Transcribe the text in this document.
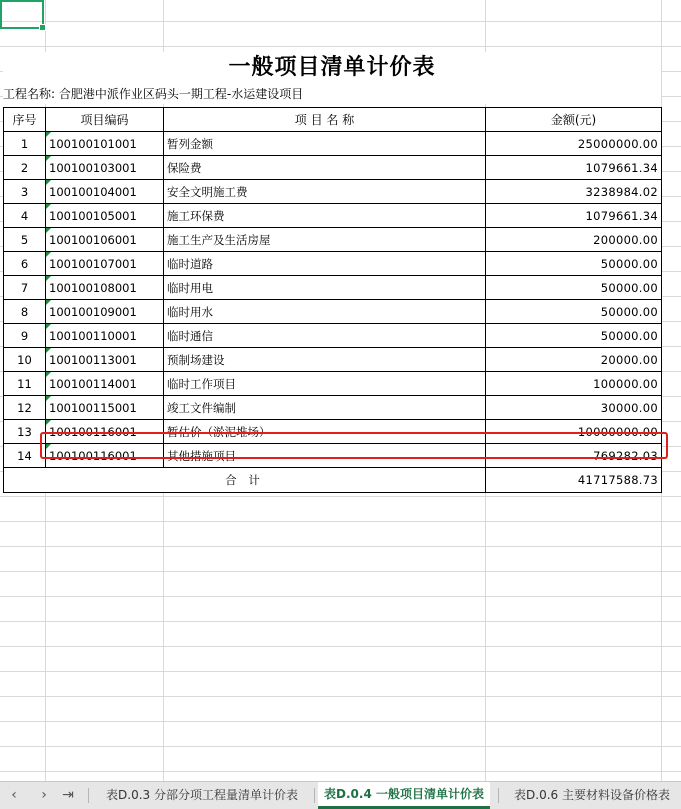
一般项目清单计价表
工程名称: 合肥港中派作业区码头一期工程-水运建设项目
序号	项目编码	项 目 名 称	金额(元)
1	100100101001	暂列金额	25000000.00
2	100100103001	保险费	1079661.34
3	100100104001	安全文明施工费	3238984.02
4	100100105001	施工环保费	1079661.34
5	100100106001	施工生产及生活房屋	200000.00
6	100100107001	临时道路	50000.00
7	100100108001	临时用电	50000.00
8	100100109001	临时用水	50000.00
9	100100110001	临时通信	50000.00
10	100100113001	预制场建设	20000.00
11	100100114001	临时工作项目	100000.00
12	100100115001	竣工文件编制	30000.00
13	100100116001	暂估价（淤泥堆场）	10000000.00
14	100100116001	其他措施项目	769282.03
合 计			41717588.73
‹	›	⇥	表D.0.3 分部分项工程量清单计价表	表D.0.4 一般项目清单计价表	表D.0.6 主要材料设备价格表
